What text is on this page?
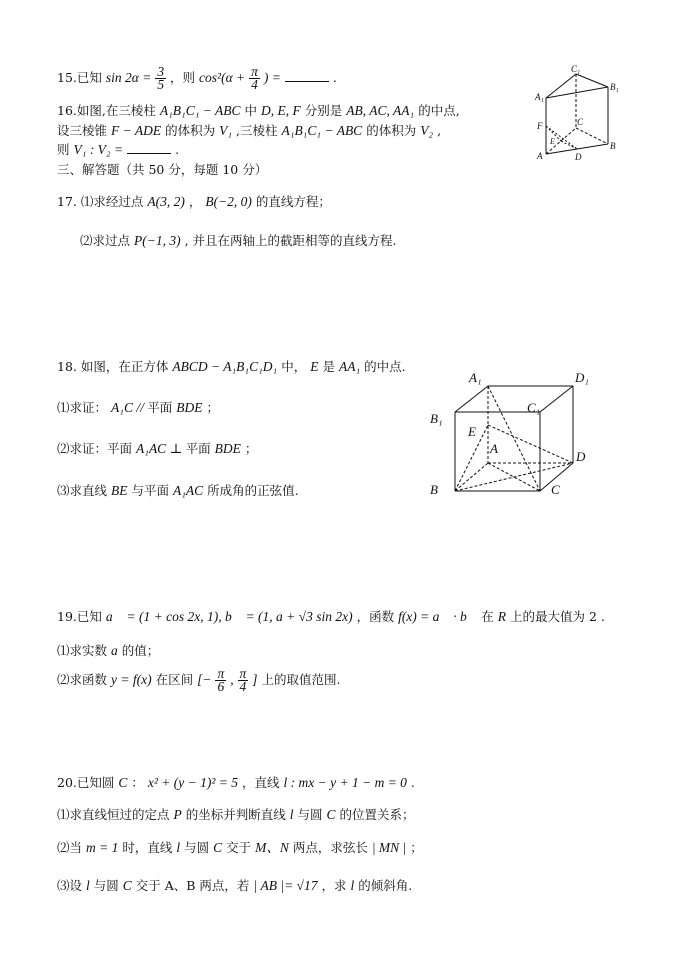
15.已知 $\sin 2\alpha = \frac{3}{5}$ ，则 $\cos^2(\alpha + \frac{\pi}{4}$ ) =	.
16.如图,在三棱柱 A₁B₁C₁ − ABC 中 D, E, F 分别是 AB, AC, AA₁ 的中点,
设三棱锥 F − ADE 的体积为 V₁ ,三棱柱 A₁B₁C₁ − ABC 的体积为 V₂ ,
则 V₁ : V₂ =	.
三、解答题（共 50 分，每题 10 分）
17. ⑴求经过点 A(3, 2) ， B(−2, 0) 的直线方程；
⑵求过点 P(−1, 3) , 并且在两轴上的截距相等的直线方程.
18. 如图，在正方体 ABCD − A₁B₁C₁D₁ 中， E 是 AA₁ 的中点.
⑴求证： A₁C // 平面 BDE ；
⑵求证：平面 A₁AC ⊥ 平面 BDE ；
⑶求直线 BE 与平面 A₁AC 所成角的正弦值.
19.已知 a⃗ = (1 + cos 2x, 1), b⃗ = (1, a + √3 sin 2x) ，函数 f(x) = a⃗ · b⃗ 在 R 上的最大值为 2 .
⑴求实数 a 的值；
⑵求函数 y = f(x) 在区间 [− $\frac{\pi}{6}$ , $\frac{\pi}{4}$ ] 上的取值范围.
20.已知圆 C ： x² + (y − 1)² = 5 ，直线 l : mx − y + 1 − m = 0 .
⑴求直线恒过的定点 P 的坐标并判断直线 l 与圆 C 的位置关系；
⑵当 m = 1 时，直线 l 与圆 C 交于 M、N 两点，求弦长 | MN | ；
⑶设 l 与圆 C 交于 A、B 两点，若 | AB |= √17 ，求 l 的倾斜角.
C₁
B₁
A₁
C
F
E
A	D
B
A₁	D₁
B₁
C₁
E
A
D
B	C
